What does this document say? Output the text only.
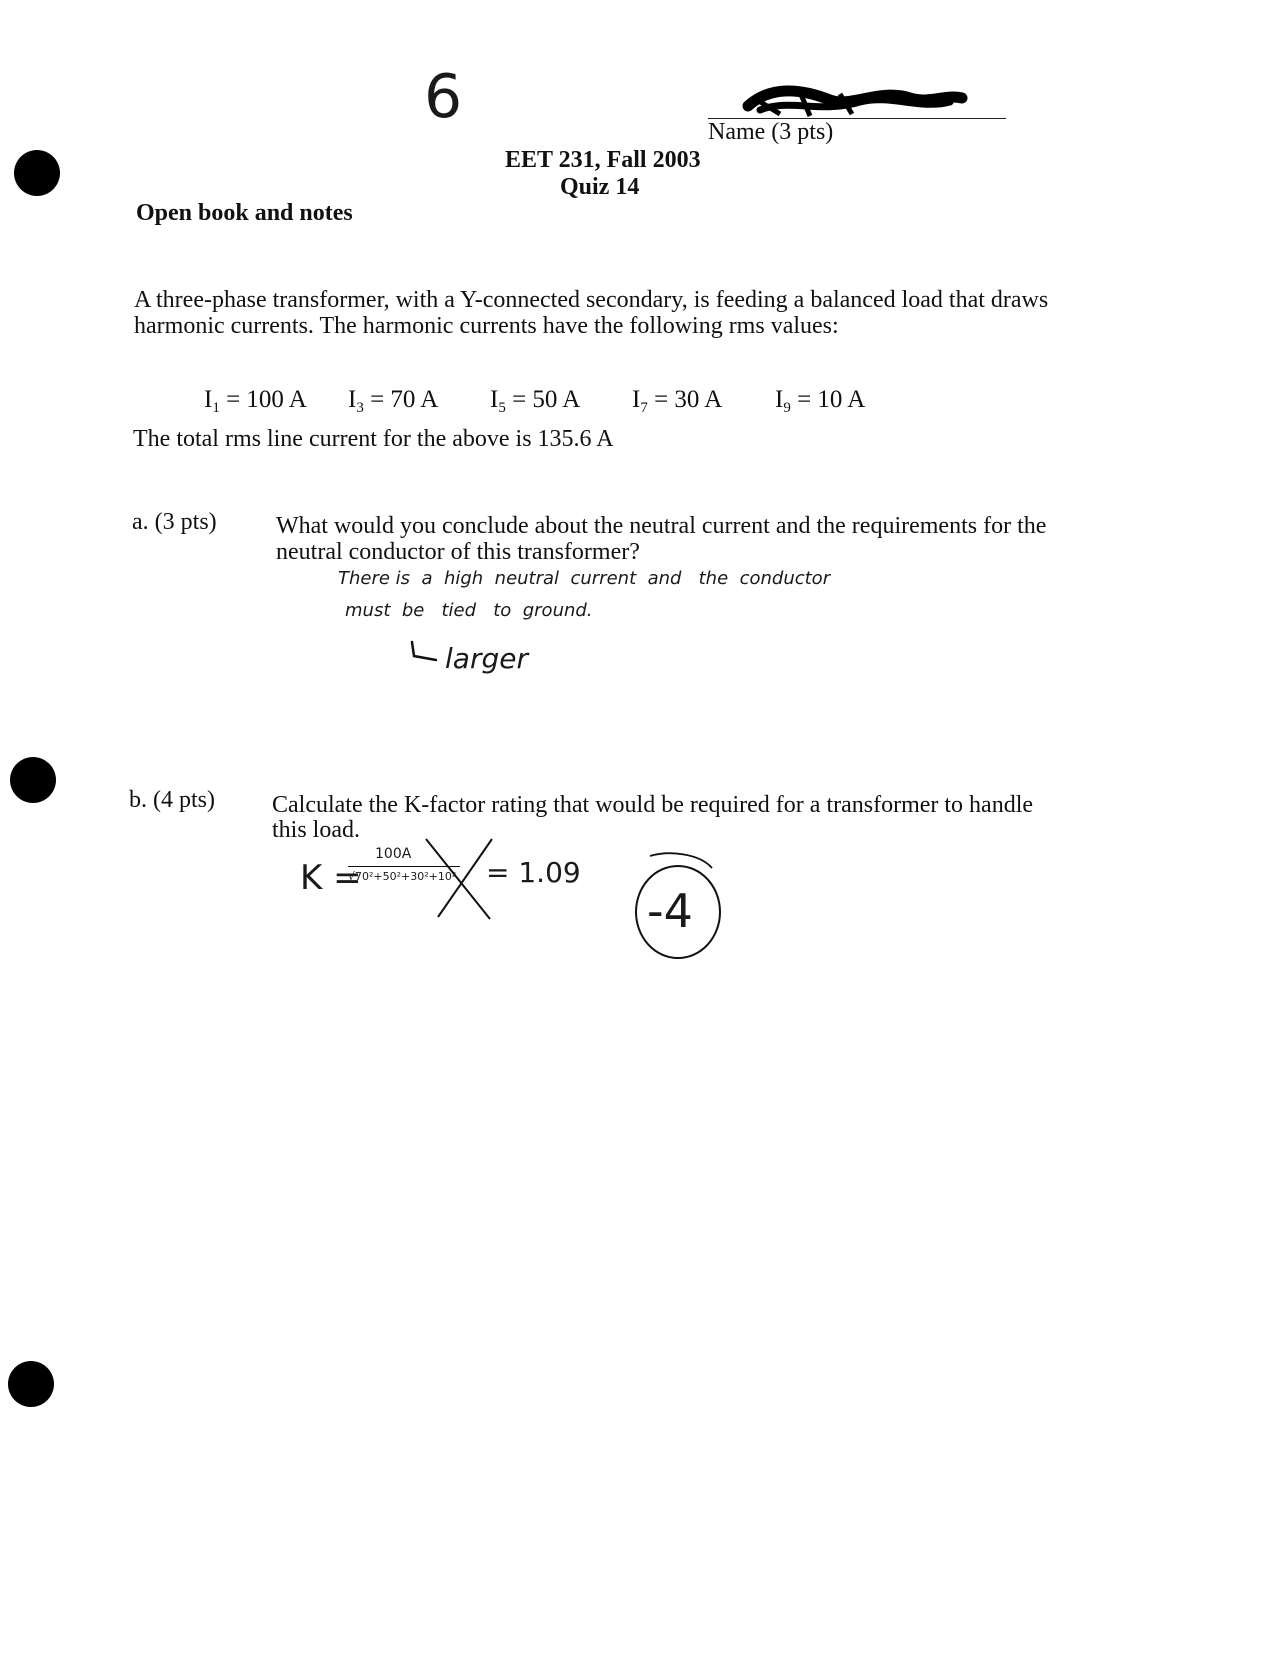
6	Name (3 pts)
EET 231, Fall 2003
Quiz 14
Open book and notes
A three-phase transformer, with a Y-connected secondary, is feeding a balanced load that draws
harmonic currents. The harmonic currents have the following rms values:
$I_1 = 100$ A $I_3 = 70$ A $I_5 = 50$ A $I_7 = 30$ A $I_9 = 10$ A
The total rms line current for the above is 135.6 A
a. (3 pts) What would you conclude about the neutral current and the requirements for the
neutral conductor of this transformer?
There is  a  high  neutral  current  and   the  conductor
must  be   tied   to  ground.
larger
b. (4 pts) Calculate the K-factor rating that would be required for a transformer to handle
this load.
K =
100A
√70²+50²+30²+10² = 1.09
-4
